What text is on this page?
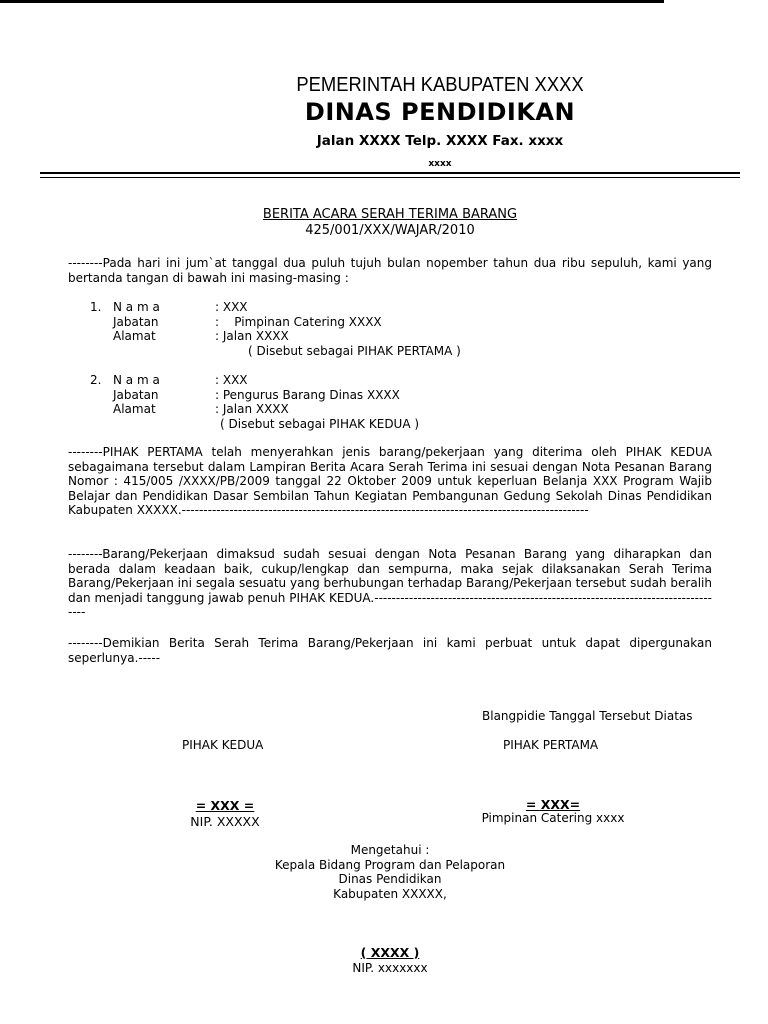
PEMERINTAH KABUPATEN XXXX
DINAS PENDIDIKAN
Jalan XXXX Telp. XXXX Fax. xxxx
xxxx
BERITA ACARA SERAH TERIMA BARANG
425/001/XXX/WAJAR/2010
--------Pada hari ini jum`at tanggal dua puluh tujuh bulan nopember tahun dua ribu sepuluh, kami yang bertanda tangan di bawah ini masing-masing :
1. N a m a	: XXX
Jabatan	:    Pimpinan Catering XXXX
Alamat	: Jalan XXXX
( Disebut sebagai PIHAK PERTAMA )
2. N a m a	: XXX
Jabatan	: Pengurus Barang Dinas XXXX
Alamat	: Jalan XXXX
( Disebut sebagai PIHAK KEDUA )
--------PIHAK PERTAMA telah menyerahkan jenis barang/pekerjaan yang diterima oleh PIHAK KEDUA sebagaimana tersebut dalam Lampiran Berita Acara Serah Terima ini sesuai dengan Nota Pesanan Barang Nomor : 415/005 /XXXX/PB/2009 tanggal 22 Oktober 2009 untuk keperluan Belanja XXX Program Wajib Belajar dan Pendidikan Dasar Sembilan Tahun Kegiatan Pembangunan Gedung Sekolah Dinas Pendidikan Kabupaten XXXXX.----------------------------------------------------------------------------------------------
--------Barang/Pekerjaan dimaksud sudah sesuai dengan Nota Pesanan Barang yang diharapkan dan berada dalam keadaan baik, cukup/lengkap dan sempurna, maka sejak dilaksanakan Serah Terima Barang/Pekerjaan ini segala sesuatu yang berhubungan terhadap Barang/Pekerjaan tersebut sudah beralih dan menjadi tanggung jawab penuh PIHAK KEDUA.----------------------------------------------------------------------------------
--------Demikian Berita Serah Terima Barang/Pekerjaan ini kami perbuat untuk dapat dipergunakan seperlunya.-----
Blangpidie Tanggal Tersebut Diatas
PIHAK KEDUA	PIHAK PERTAMA
= XXX =
NIP. XXXXX
= XXX=
Pimpinan Catering xxxx
Mengetahui :
Kepala Bidang Program dan Pelaporan
Dinas Pendidikan
Kabupaten XXXXX,
( XXXX )
NIP. xxxxxxx
